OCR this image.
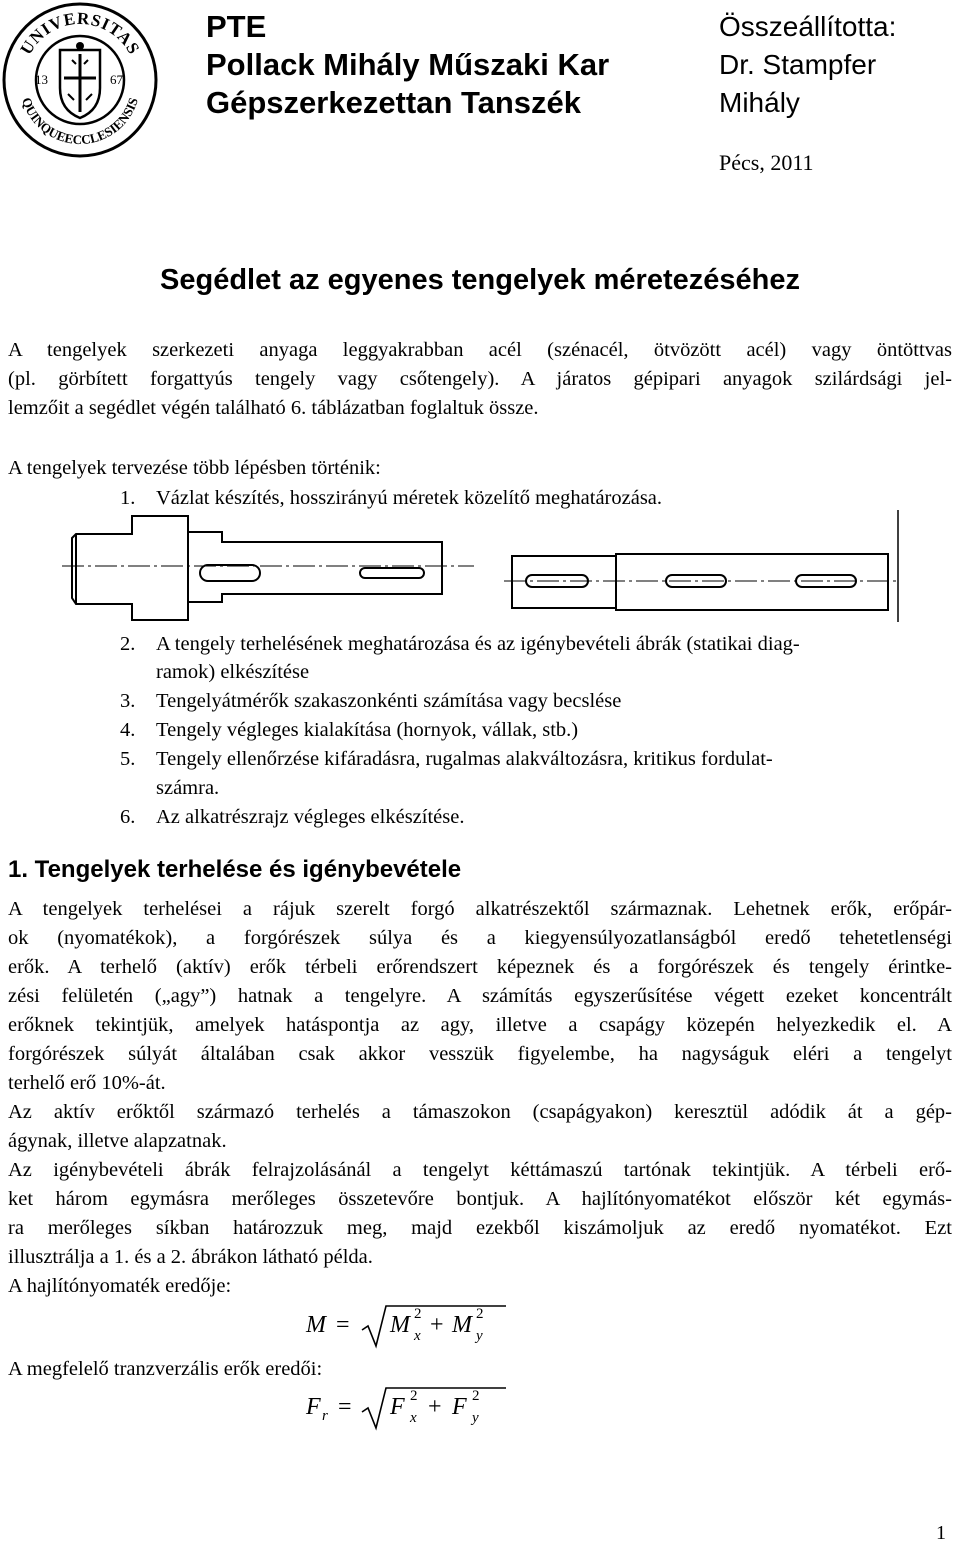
UNIVERSITAS
QUINQUEECCLESIENSIS
13	67
PTE
Pollack Mihály Műszaki Kar
Gépszerkezettan Tanszék
Összeállította:
Dr. Stampfer
Mihály
Pécs, 2011
Segédlet az egyenes tengelyek méretezéséhez
A tengelyek szerkezeti anyaga leggyakrabban acél (szénacél, ötvözött acél) vagy öntöttvas
(pl. görbített forgattyús tengely vagy csőtengely). A járatos gépipari anyagok szilárdsági jel-
lemzőit a segédlet végén található 6. táblázatban foglaltuk össze.
A tengelyek tervezése több lépésben történik:
1. Vázlat készítés, hosszirányú méretek közelítő meghatározása.
2. A tengely terhelésének meghatározása és az igénybevételi ábrák (statikai diag-
ramok) elkészítése
3. Tengelyátmérők szakaszonkénti számítása vagy becslése
4. Tengely végleges kialakítása (hornyok, vállak, stb.)
5. Tengely ellenőrzése kifáradásra, rugalmas alakváltozásra, kritikus fordulat-
számra.
6. Az alkatrészrajz végleges elkészítése.
1. Tengelyek terhelése és igénybevétele
A tengelyek terhelései a rájuk szerelt forgó alkatrészektől származnak. Lehetnek erők, erőpár-
ok (nyomatékok), a forgórészek súlya és a kiegyensúlyozatlanságból eredő tehetetlenségi
erők. A terhelő (aktív) erők térbeli erőrendszert képeznek és a forgórészek és tengely érintke-
zési felületén („agy”) hatnak a tengelyre. A számítás egyszerűsítése végett ezeket koncentrált
erőknek tekintjük, amelyek hatáspontja az agy, illetve a csapágy közepén helyezkedik el. A
forgórészek súlyát általában csak akkor vesszük figyelembe, ha nagyságuk eléri a tengelyt
terhelő erő 10%-át.
Az aktív erőktől származó terhelés a támaszokon (csapágyakon) keresztül adódik át a gép-
ágynak, illetve alapzatnak.
Az igénybevételi ábrák felrajzolásánál a tengelyt kéttámaszú tartónak tekintjük. A térbeli erő-
ket három egymásra merőleges összetevőre bontjuk. A hajlítónyomatékot először két egymás-
ra merőleges síkban határozzuk meg, majd ezekből kiszámoljuk az eredő nyomatékot. Ezt
illusztrálja a 1. és a 2. ábrákon látható példa.
A hajlítónyomaték eredője:
M = M 2
x + M 2
y
A megfelelő tranzverzális erők eredői:
F r = F 2
x + F 2
y
1
